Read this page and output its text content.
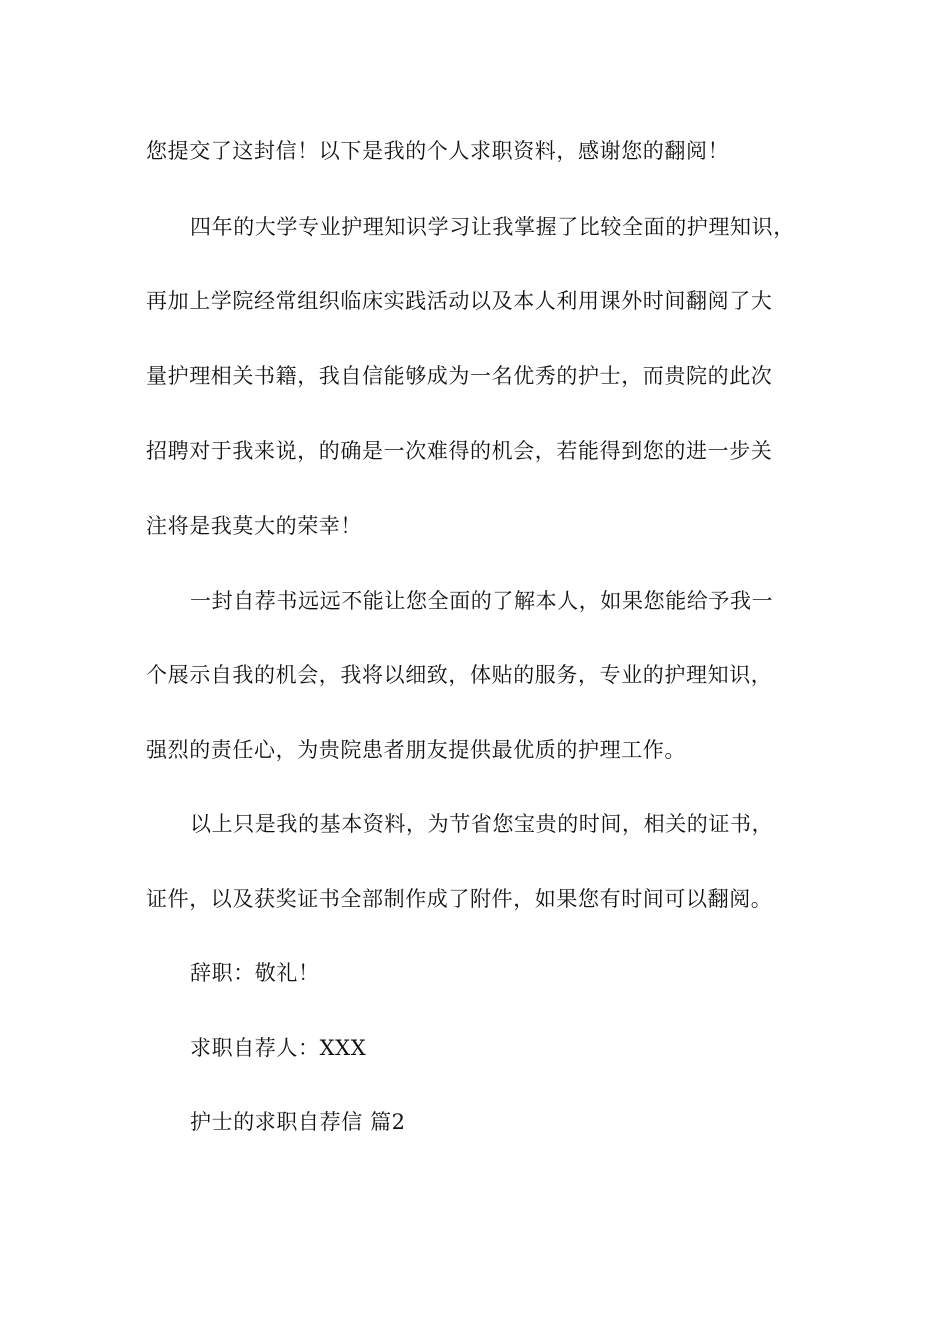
您提交了这封信！以下是我的个人求职资料，感谢您的翻阅！
四年的大学专业护理知识学习让我掌握了比较全面的护理知识，
再加上学院经常组织临床实践活动以及本人利用课外时间翻阅了大
量护理相关书籍，我自信能够成为一名优秀的护士，而贵院的此次
招聘对于我来说，的确是一次难得的机会，若能得到您的进一步关
注将是我莫大的荣幸！
一封自荐书远远不能让您全面的了解本人，如果您能给予我一
个展示自我的机会，我将以细致，体贴的服务，专业的护理知识，
强烈的责任心，为贵院患者朋友提供最优质的护理工作。
以上只是我的基本资料，为节省您宝贵的时间，相关的证书，
证件，以及获奖证书全部制作成了附件，如果您有时间可以翻阅。
辞职：敬礼！
求职自荐人：XXX
护士的求职自荐信 篇2
